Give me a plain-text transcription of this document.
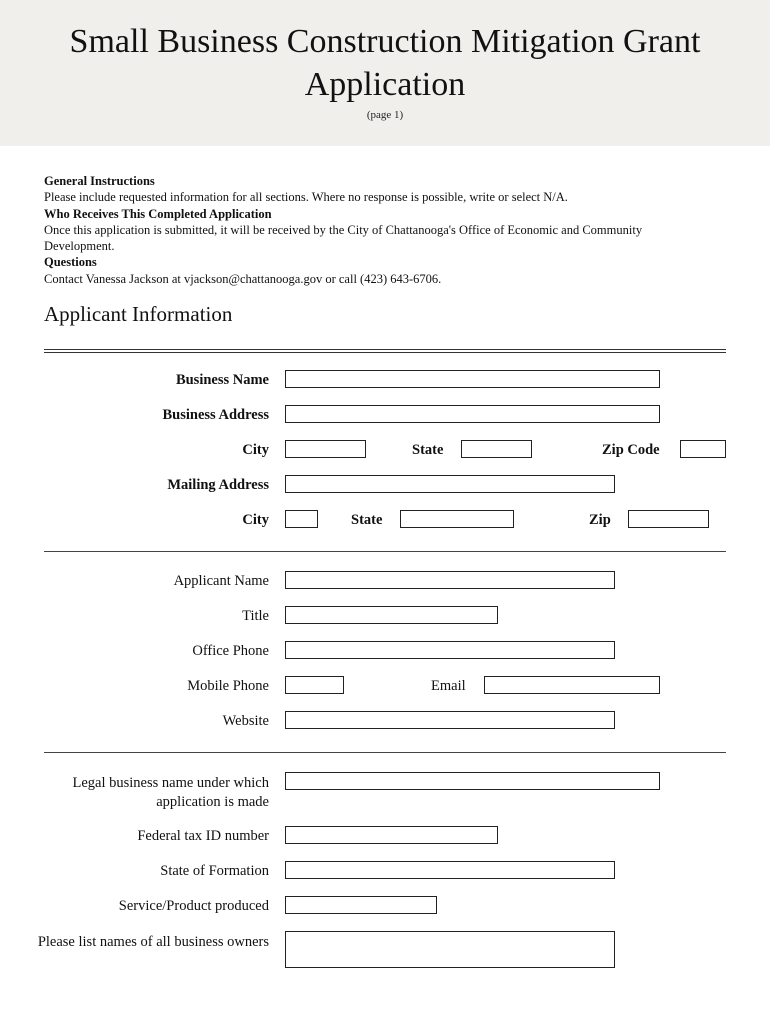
Small Business Construction Mitigation Grant Application
(page 1)
General Instructions
Please include requested information for all sections. Where no response is possible, write or select N/A.
Who Receives This Completed Application
Once this application is submitted, it will be received by the City of Chattanooga's Office of Economic and Community Development.
Questions
Contact Vanessa Jackson at vjackson@chattanooga.gov or call (423) 643-6706.
Applicant Information
Business Name
Business Address
City	State	Zip Code
Mailing Address
City	State	Zip
Applicant Name
Title
Office Phone
Mobile Phone	Email
Website
Legal business name under which application is made
Federal tax ID number
State of Formation
Service/Product produced
Please list names of all business owners
